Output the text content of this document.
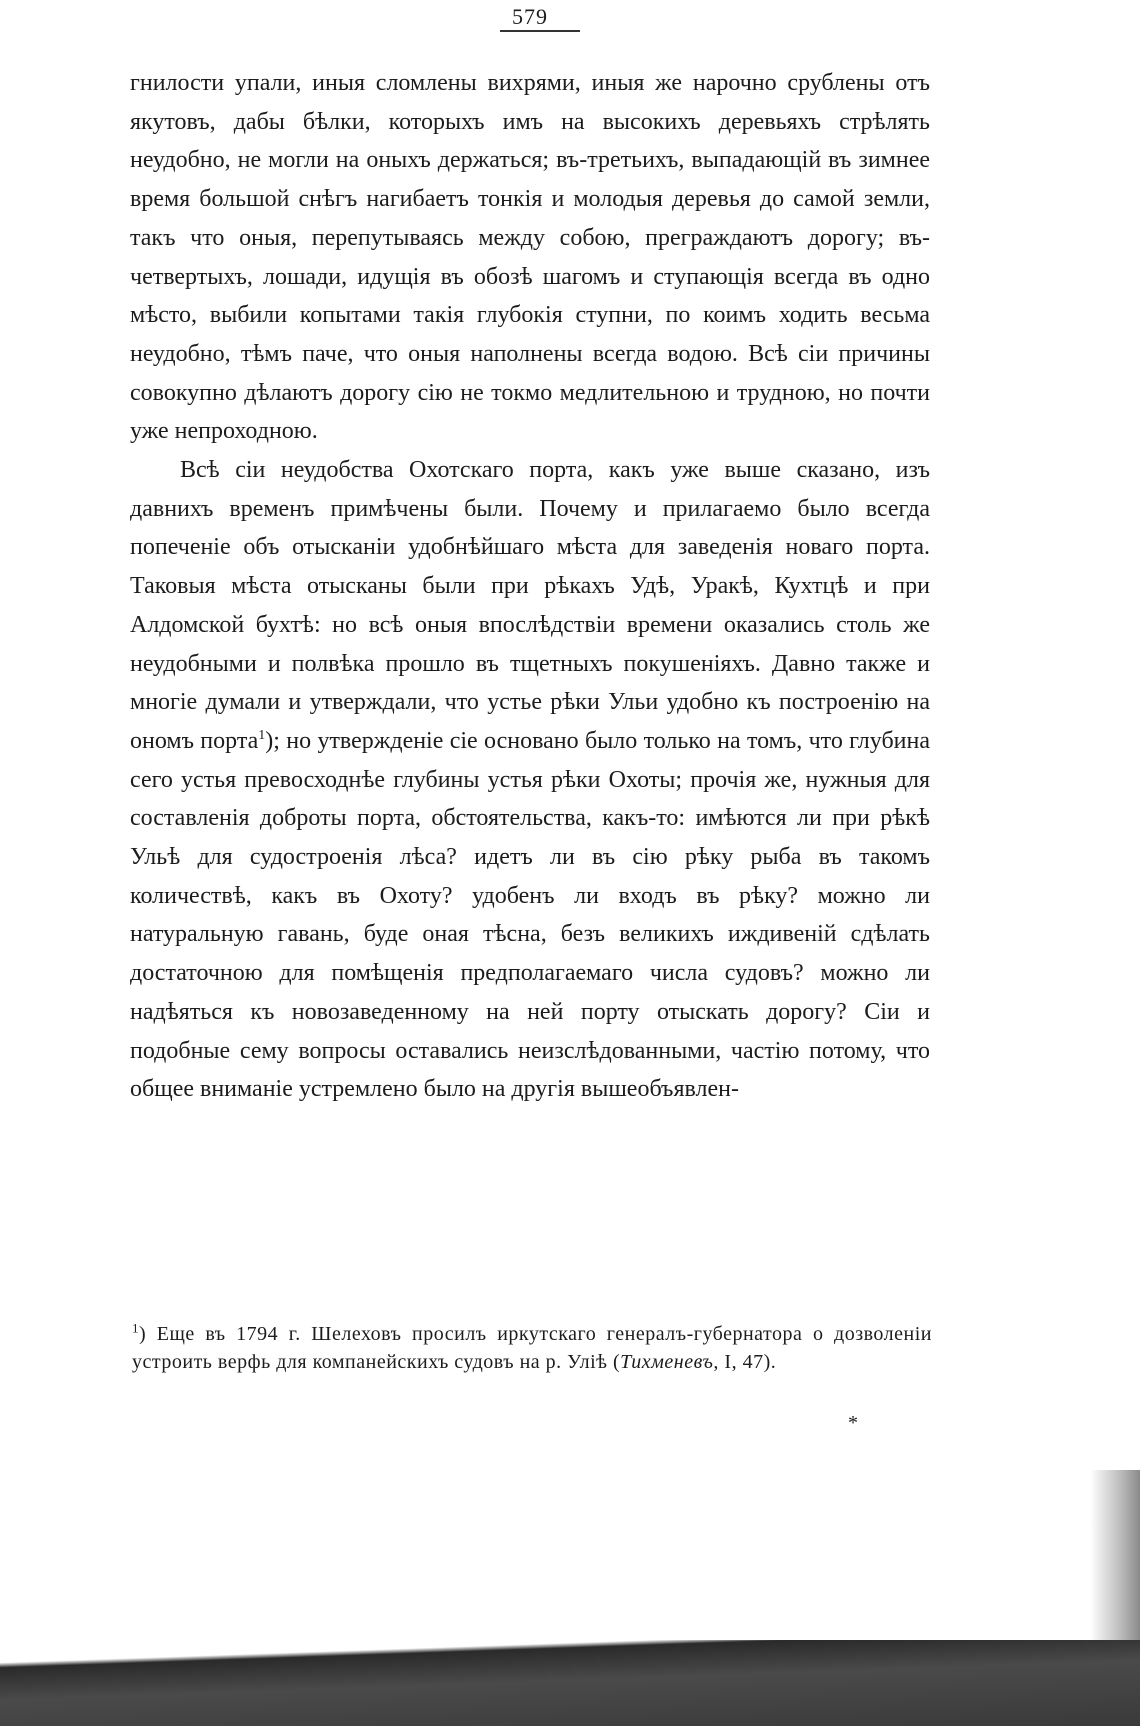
579

гнилости упали, иныя сломлены вихрями, иныя же нарочно срублены отъ якутовъ, дабы бѣлки, которыхъ имъ на высокихъ деревьяхъ стрѣлять неудобно, не могли на оныхъ держаться; въ-третьихъ, выпадающій въ зимнее время большой снѣгъ нагибаетъ тонкія и молодыя деревья до самой земли, такъ что оныя, перепутываясь между собою, преграждаютъ дорогу; въ-четвертыхъ, лошади, идущія въ обозѣ шагомъ и ступающія всегда въ одно мѣсто, выбили копытами такія глубокія ступни, по коимъ ходить весьма неудобно, тѣмъ паче, что оныя наполнены всегда водою. Всѣ сіи причины совокупно дѣлаютъ дорогу сію не токмо медлительною и трудною, но почти уже непроходною.

Всѣ сіи неудобства Охотскаго порта, какъ уже выше сказано, изъ давнихъ временъ примѣчены были. Почему и прилагаемо было всегда попеченіе объ отысканіи удобнѣйшаго мѣста для заведенія новаго порта. Таковыя мѣста отысканы были при рѣкахъ Удѣ, Уракѣ, Кухтцѣ и при Алдомской бухтѣ: но всѣ оныя впослѣдствіи времени оказались столь же неудобными и полвѣка прошло въ тщетныхъ покушеніяхъ. Давно также и многіе думали и утверждали, что устье рѣки Ульи удобно къ построенію на ономъ порта$^1$); но утвержденіе сіе основано было только на томъ, что глубина сего устья превосходнѣе глубины устья рѣки Охоты; прочія же, нужныя для составленія доброты порта, обстоятельства, какъ-то: имѣются ли при рѣкѣ Ульѣ для судостроенія лѣса? идетъ ли въ сію рѣку рыба въ такомъ количествѣ, какъ въ Охоту? удобенъ ли входъ въ рѣку? можно ли натуральную гавань, буде оная тѣсна, безъ великихъ иждивеній сдѣлать достаточною для помѣщенія предполагаемаго числа судовъ? можно ли надѣяться къ новозаведенному на ней порту отыскать дорогу? Сіи и подобные сему вопросы оставались неизслѣдованными, частію потому, что общее вниманіе устремлено было на другія вышеобъявлен-

$^1$) Еще въ 1794 г. Шелеховъ просилъ иркутскаго генералъ-губернатора о дозволеніи устроить верфь для компанейскихъ судовъ на р. Уліѣ (Тихменевъ, I, 47).
*
